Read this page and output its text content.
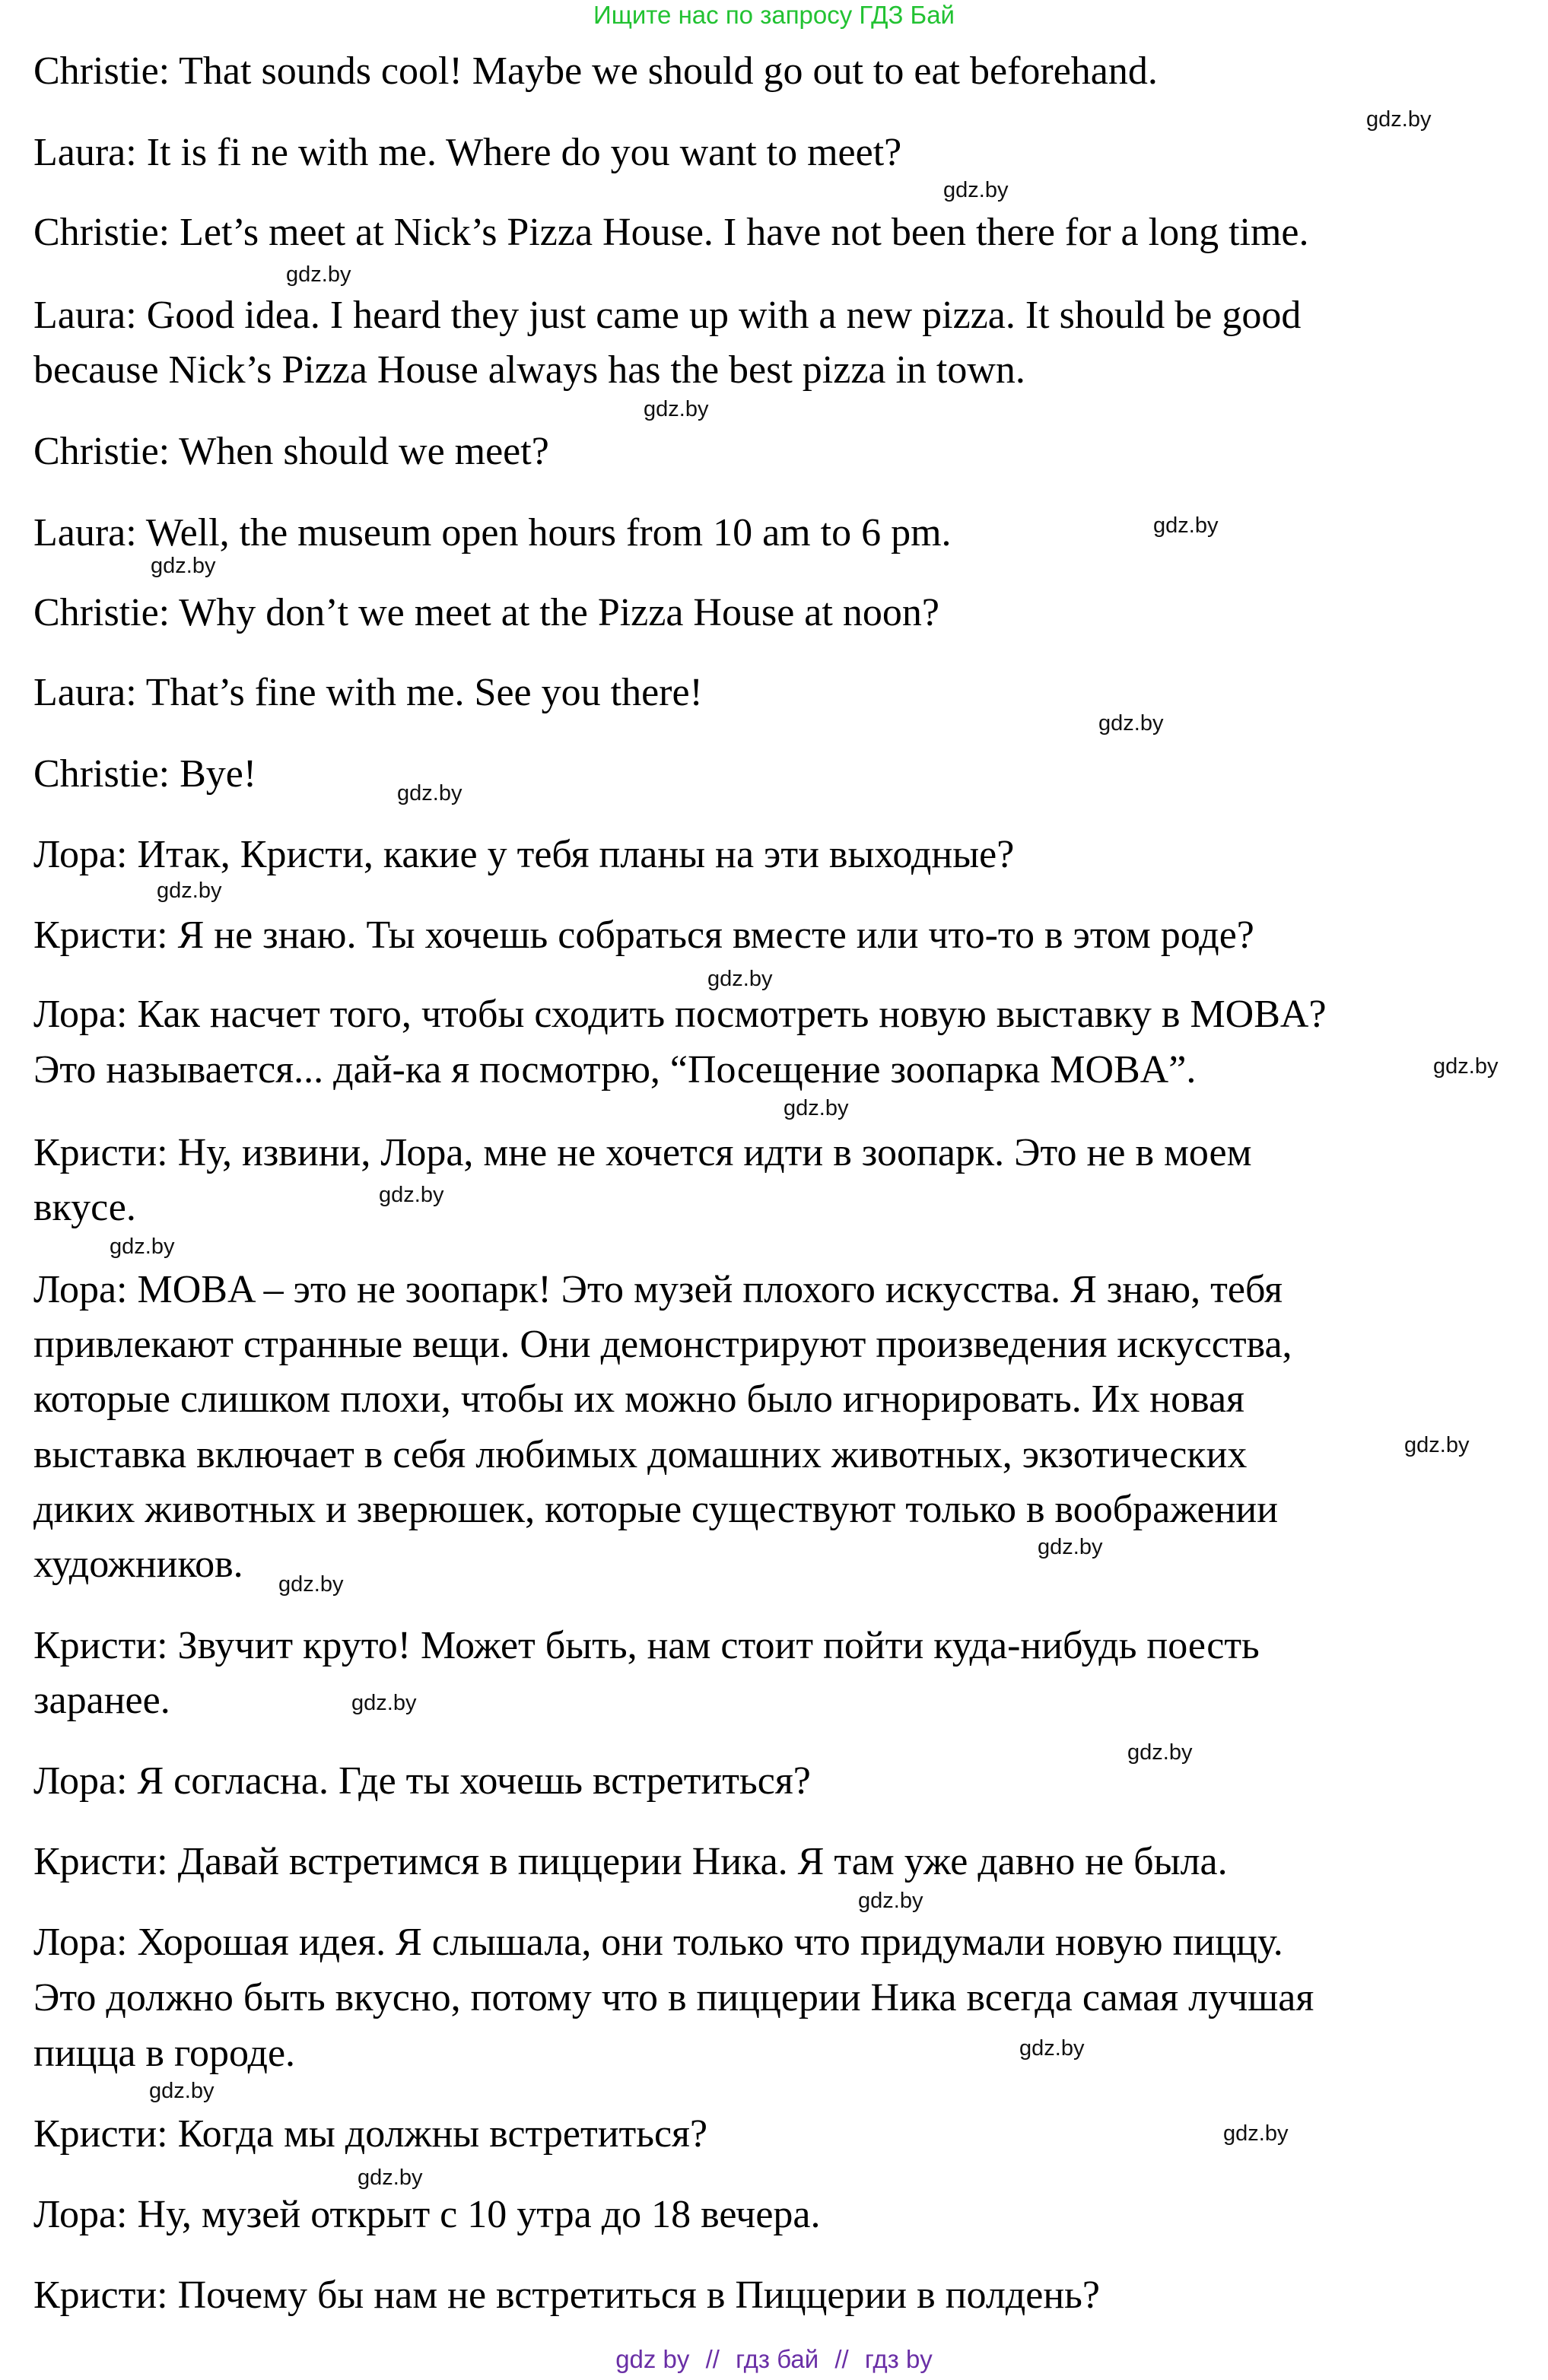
Ищите нас по запросу ГДЗ Бай
Christie: That sounds cool! Maybe we should go out to eat beforehand.
Laura: It is fi ne with me. Where do you want to meet?
Christie: Let’s meet at Nick’s Pizza House. I have not been there for a long time.
Laura: Good idea. I heard they just came up with a new pizza. It should be good
because Nick’s Pizza House always has the best pizza in town.
Christie: When should we meet?
Laura: Well, the museum open hours from 10 am to 6 pm.
Christie: Why don’t we meet at the Pizza House at noon?
Laura: That’s fine with me. See you there!
Christie: Bye!
Лора: Итак, Кристи, какие у тебя планы на эти выходные?
Кристи: Я не знаю. Ты хочешь собраться вместе или что-то в этом роде?
Лора: Как насчет того, чтобы сходить посмотреть новую выставку в MOBA?
Это называется... дай-ка я посмотрю, “Посещение зоопарка MOBA”.
Кристи: Ну, извини, Лора, мне не хочется идти в зоопарк. Это не в моем
вкусе.
Лора: MOBA – это не зоопарк! Это музей плохого искусства. Я знаю, тебя
привлекают странные вещи. Они демонстрируют произведения искусства,
которые слишком плохи, чтобы их можно было игнорировать. Их новая
выставка включает в себя любимых домашних животных, экзотических
диких животных и зверюшек, которые существуют только в воображении
художников.
Кристи: Звучит круто! Может быть, нам стоит пойти куда-нибудь поесть
заранее.
Лора: Я согласна. Где ты хочешь встретиться?
Кристи: Давай встретимся в пиццерии Ника. Я там уже давно не была.
Лора: Хорошая идея. Я слышала, они только что придумали новую пиццу.
Это должно быть вкусно, потому что в пиццерии Ника всегда самая лучшая
пицца в городе.
Кристи: Когда мы должны встретиться?
Лора: Ну, музей открыт с 10 утра до 18 вечера.
Кристи: Почему бы нам не встретиться в Пиццерии в полдень?
gdz.by
gdz.by
gdz.by
gdz.by
gdz.by
gdz.by
gdz.by
gdz.by
gdz.by
gdz.by
gdz.by
gdz.by
gdz.by
gdz.by
gdz.by
gdz.by
gdz.by
gdz.by
gdz.by
gdz.by
gdz.by
gdz.by
gdz.by
gdz.by
gdz by // гдз бай // гдз by
